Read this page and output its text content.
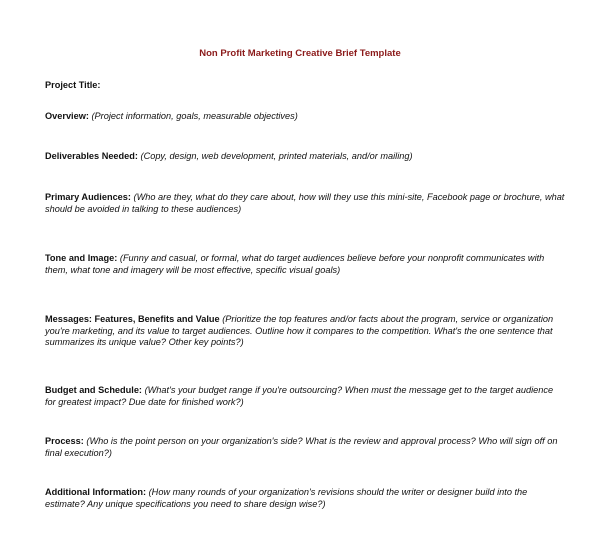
Non Profit Marketing Creative Brief Template
Project Title:
Overview: (Project information, goals, measurable objectives)
Deliverables Needed: (Copy, design, web development, printed materials, and/or mailing)
Primary Audiences: (Who are they, what do they care about, how will they use this mini-site, Facebook page or brochure, what should be avoided in talking to these audiences)
Tone and Image: (Funny and casual, or formal, what do target audiences believe before your nonprofit communicates with them, what tone and imagery will be most effective, specific visual goals)
Messages: Features, Benefits and Value (Prioritize the top features and/or facts about the program, service or organization you're marketing, and its value to target audiences. Outline how it compares to the competition. What's the one sentence that summarizes its unique value? Other key points?)
Budget and Schedule: (What's your budget range if you're outsourcing? When must the message get to the target audience for greatest impact? Due date for finished work?)
Process: (Who is the point person on your organization's side? What is the review and approval process? Who will sign off on final execution?)
Additional Information: (How many rounds of your organization's revisions should the writer or designer build into the estimate? Any unique specifications you need to share design wise?)
